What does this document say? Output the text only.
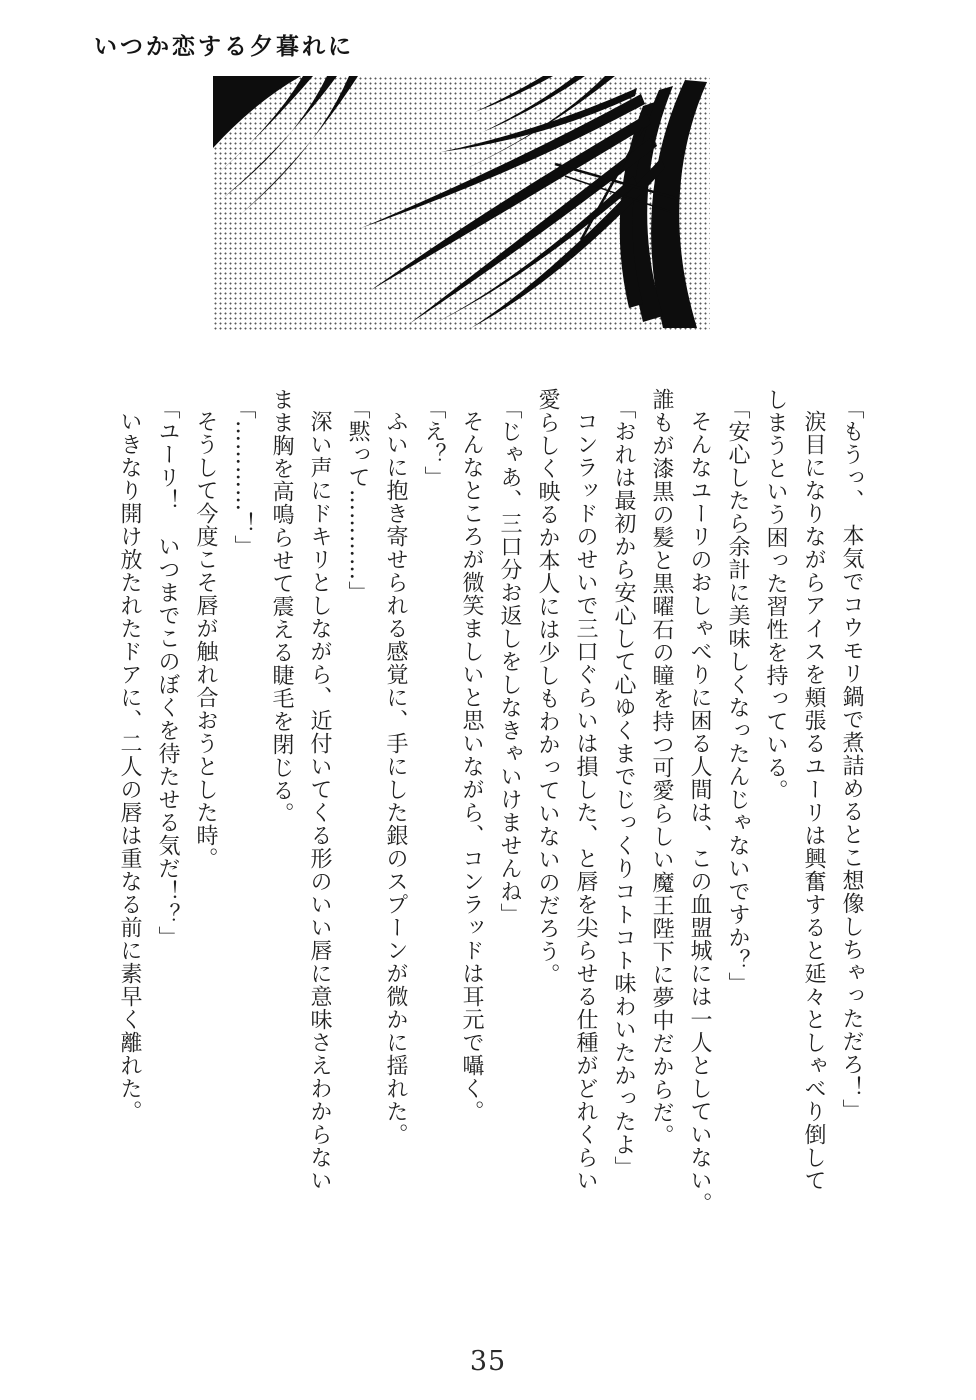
いつか恋する夕暮れに
「もうっ、　本気でコウモリ鍋で煮詰めるとこ想像しちゃっただろ！」
涙目になりながらアイスを頬張るユーリは興奮すると延々としゃべり倒して
しまうという困った習性を持っている。
「安心したら余計に美味しくなったんじゃないですか？」
そんなユーリのおしゃべりに困る人間は、この血盟城には一人としていない。
誰もが漆黒の髪と黒曜石の瞳を持つ可愛らしい魔王陛下に夢中だからだ。
「おれは最初から安心して心ゆくまでじっくりコトコト味わいたかったよ」
コンラッドのせいで三口ぐらいは損した、と唇を尖らせる仕種がどれくらい
愛らしく映るか本人には少しもわかっていないのだろう。
「じゃあ、三口分お返しをしなきゃいけませんね」
そんなところが微笑ましいと思いながら、コンラッドは耳元で囁く。
「え？」
ふいに抱き寄せられる感覚に、手にした銀のスプーンが微かに揺れた。
「黙って…………」
深い声にドキリとしながら、近付いてくる形のいい唇に意味さえわからない
まま胸を高鳴らせて震える睫毛を閉じる。
「…………！」
そうして今度こそ唇が触れ合おうとした時。
「ユーリ！　いつまでこのぼくを待たせる気だ！？」
いきなり開け放たれたドアに、二人の唇は重なる前に素早く離れた。
35
